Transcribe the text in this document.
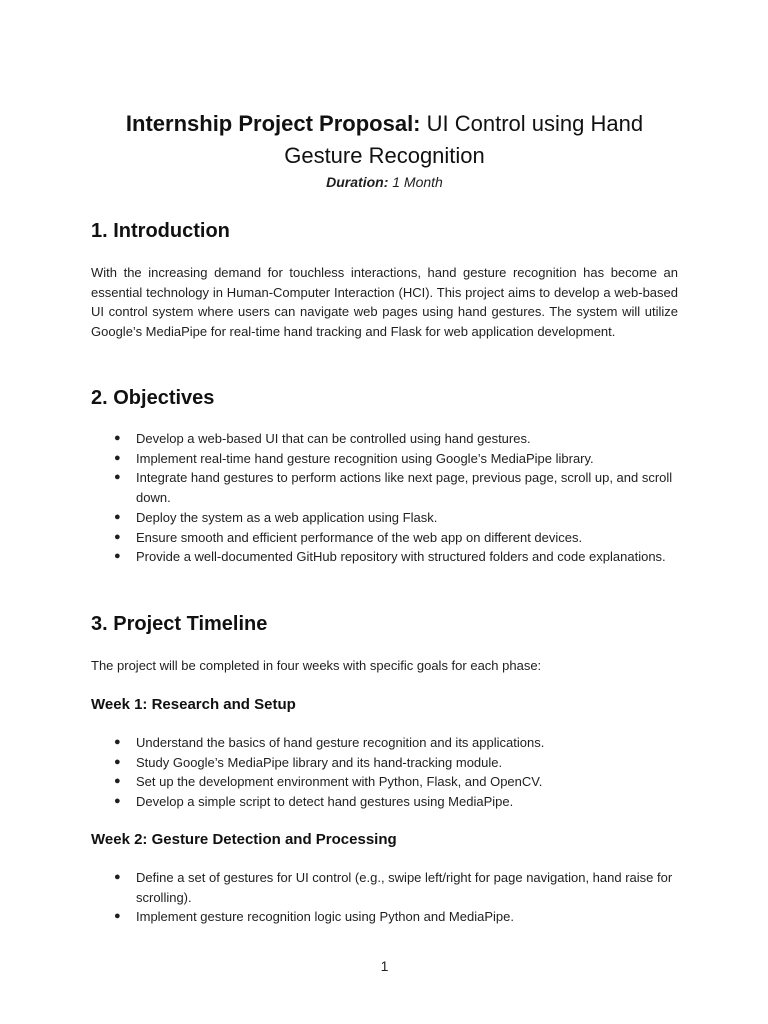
Internship Project Proposal: UI Control using Hand
Gesture Recognition
Duration: 1 Month
1. Introduction

With the increasing demand for touchless interactions, hand gesture recognition has become an essential technology in Human-Computer Interaction (HCI). This project aims to develop a web-based UI control system where users can navigate web pages using hand gestures. The system will utilize Google’s MediaPipe for real-time hand tracking and Flask for web application development.

2. Objectives
● Develop a web-based UI that can be controlled using hand gestures.
● Implement real-time hand gesture recognition using Google’s MediaPipe library.
● Integrate hand gestures to perform actions like next page, previous page, scroll up, and scroll down.
● Deploy the system as a web application using Flask.
● Ensure smooth and efficient performance of the web app on different devices.
● Provide a well-documented GitHub repository with structured folders and code explanations.
3. Project Timeline

The project will be completed in four weeks with specific goals for each phase:

Week 1: Research and Setup
● Understand the basics of hand gesture recognition and its applications.
● Study Google’s MediaPipe library and its hand-tracking module.
● Set up the development environment with Python, Flask, and OpenCV.
● Develop a simple script to detect hand gestures using MediaPipe.
Week 2: Gesture Detection and Processing
● Define a set of gestures for UI control (e.g., swipe left/right for page navigation, hand raise for scrolling).
● Implement gesture recognition logic using Python and MediaPipe.
1
